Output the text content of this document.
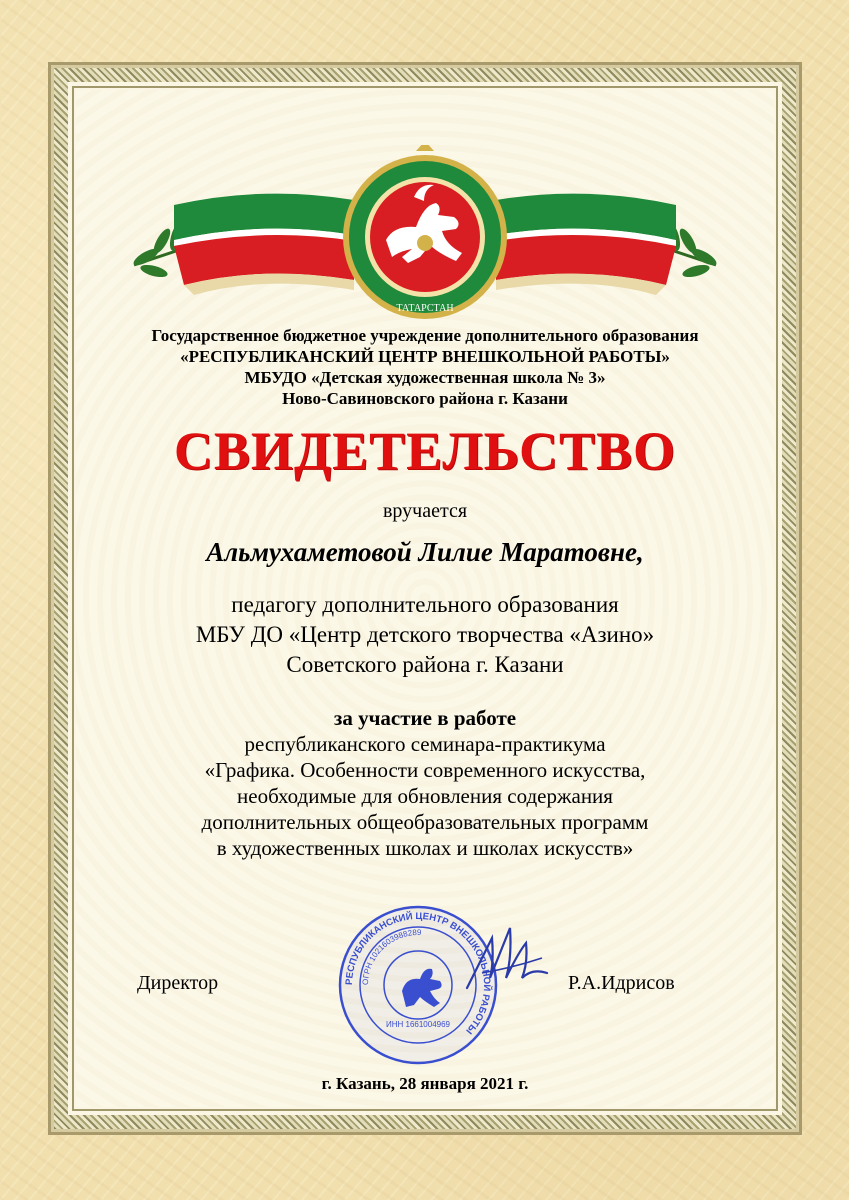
ТАТАРСТАН
Государственное бюджетное учреждение дополнительного образования
«РЕСПУБЛИКАНСКИЙ ЦЕНТР ВНЕШКОЛЬНОЙ РАБОТЫ»
МБУДО «Детская художественная школа № 3»
Ново-Савиновского района г. Казани
СВИДЕТЕЛЬСТВО
вручается
Альмухаметовой Лилие Маратовне,
педагогу дополнительного образования
МБУ ДО «Центр детского творчества «Азино»
Советского района г. Казани
за участие в работе
республиканского семинара-практикума
«Графика. Особенности современного искусства,
необходимые для обновления содержания
дополнительных общеобразовательных программ
в художественных школах и школах искусств»
Директор	РЕСПУБЛИКАНСКИЙ ЦЕНТР ВНЕШКОЛЬНОЙ РАБОТЫ
ОГРН 1021603988289
ИНН 1661004969
Р.А.Идрисов
г. Казань, 28 января 2021 г.
